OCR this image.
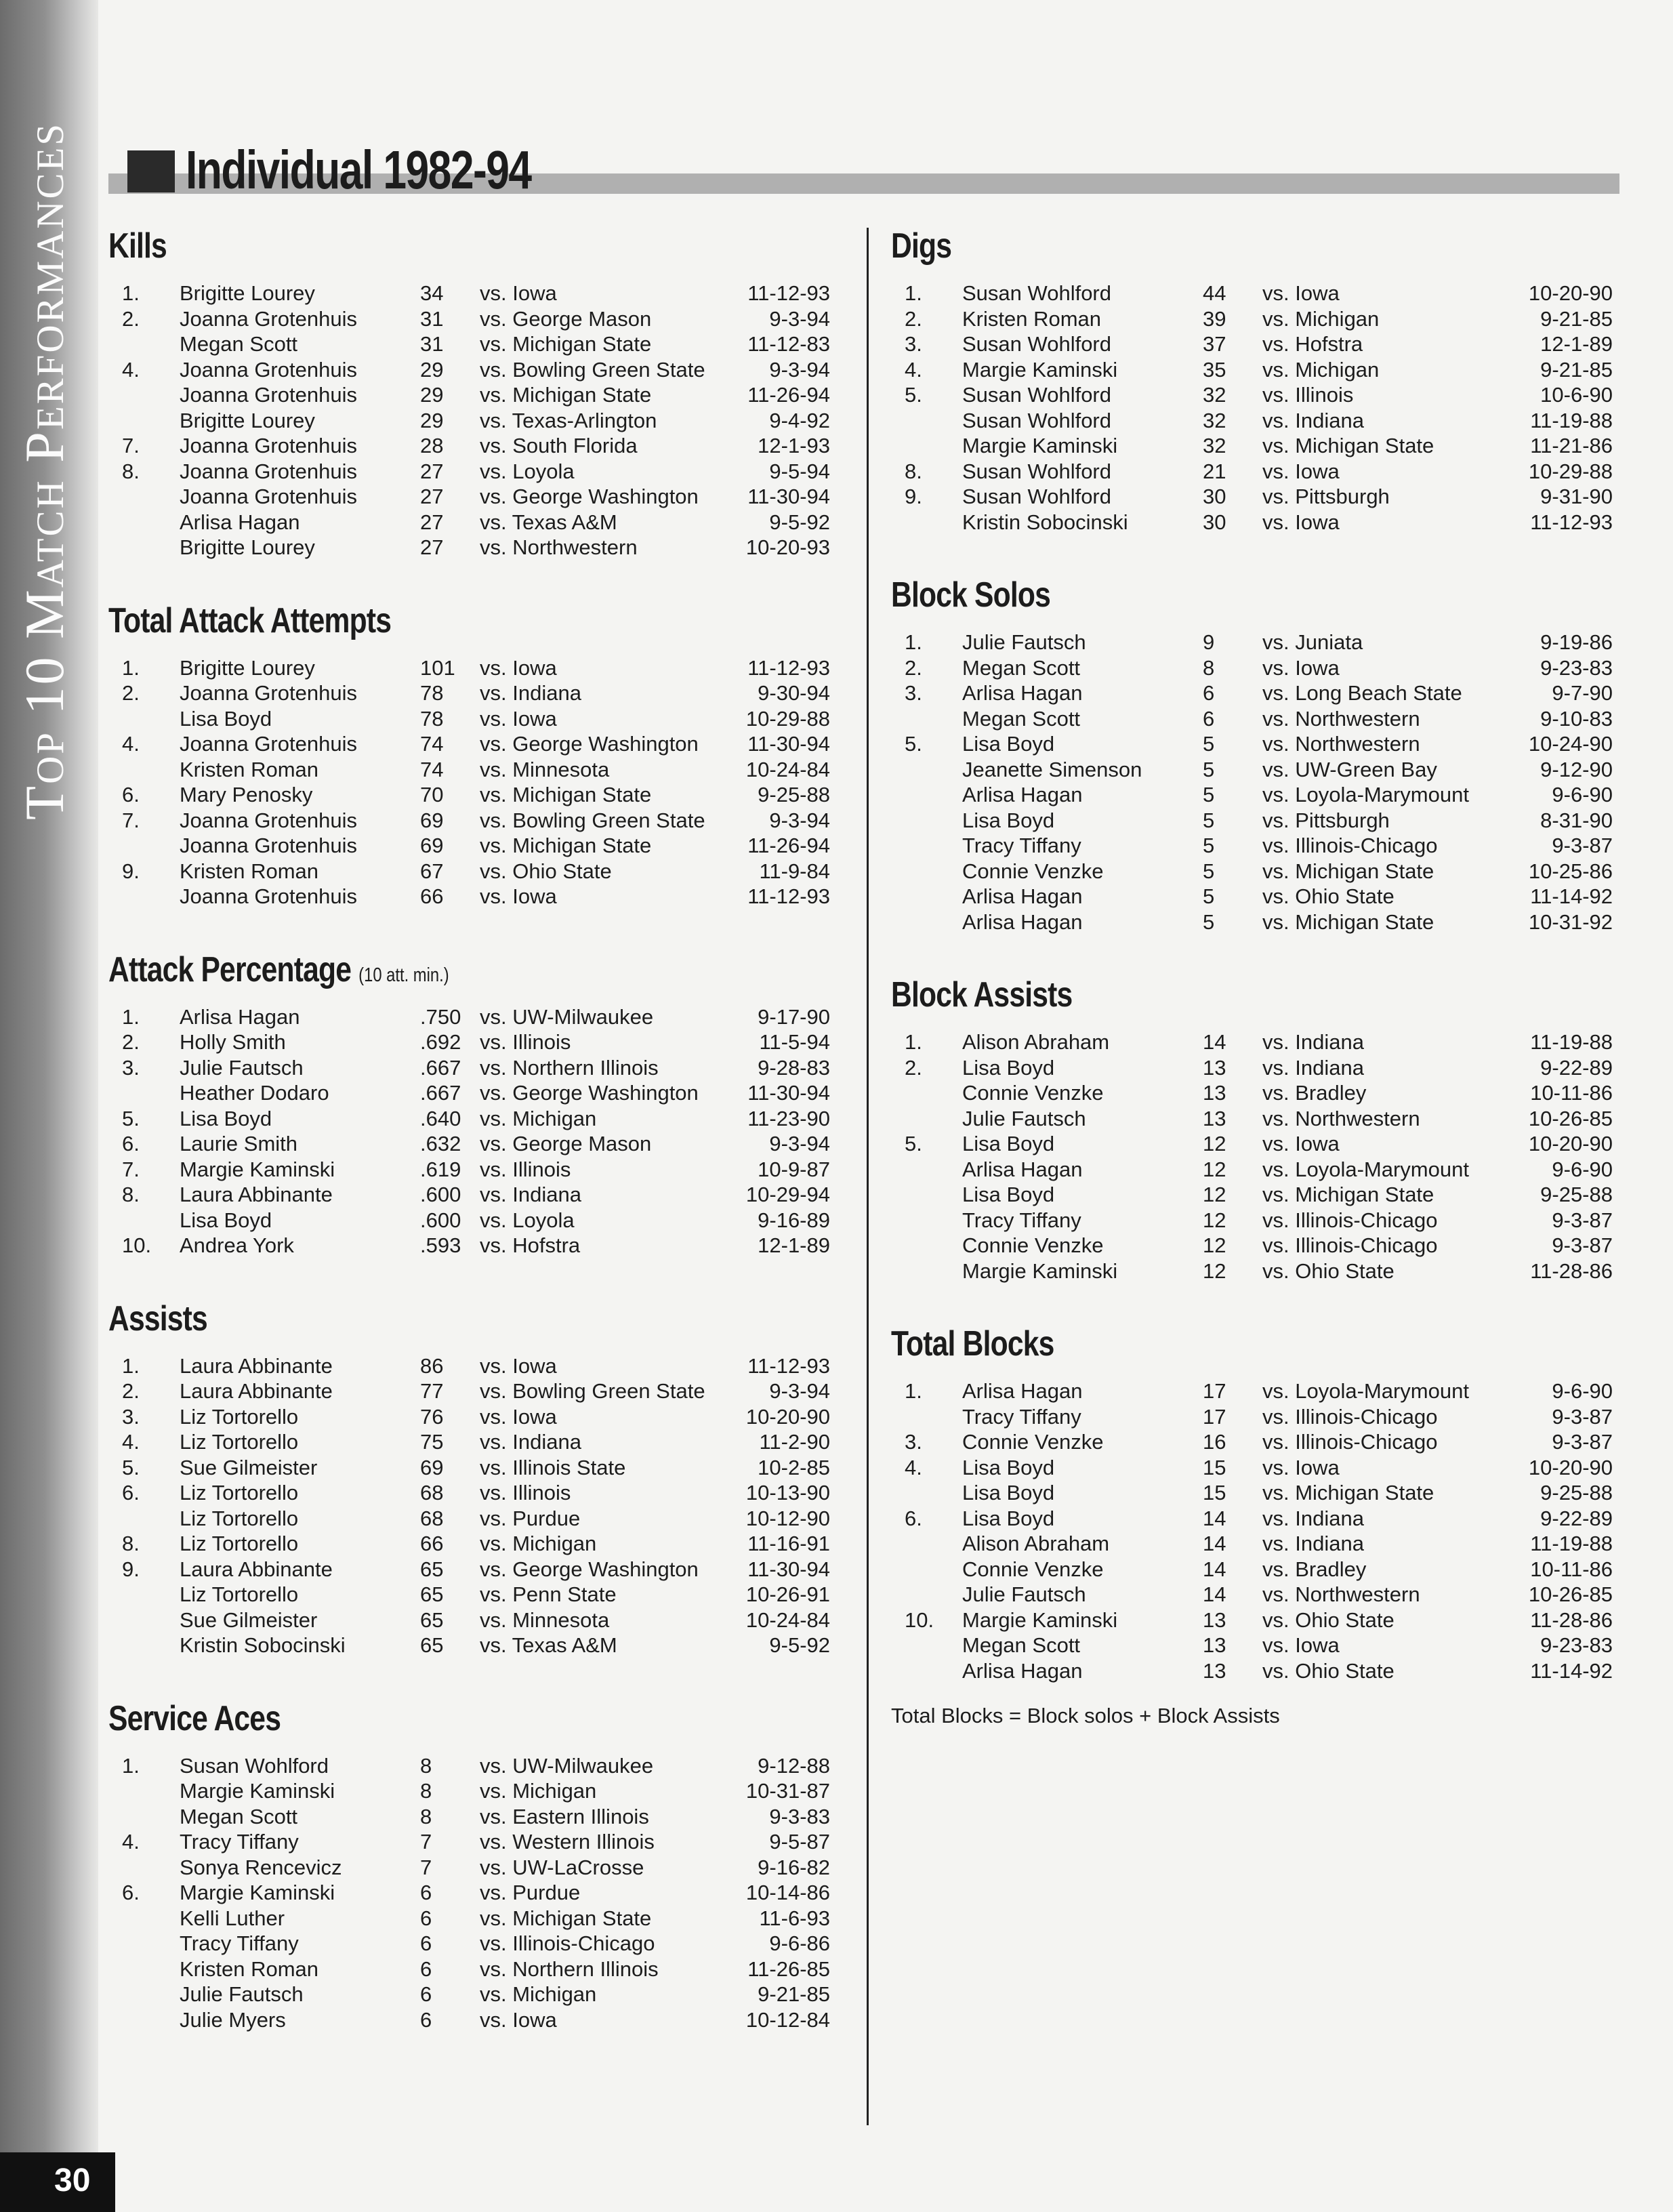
Top 10 Match Performances
30
Individual 1982-94
Kills
1. Brigitte Lourey	34	vs. Iowa	11-12-93
2. Joanna Grotenhuis	31	vs. George Mason	9-3-94
Megan Scott	31	vs. Michigan State	11-12-83
4. Joanna Grotenhuis	29	vs. Bowling Green State	9-3-94
Joanna Grotenhuis	29	vs. Michigan State	11-26-94
Brigitte Lourey	29	vs. Texas-Arlington	9-4-92
7. Joanna Grotenhuis	28	vs. South Florida	12-1-93
8. Joanna Grotenhuis	27	vs. Loyola	9-5-94
Joanna Grotenhuis	27	vs. George Washington 11-30-94
Arlisa Hagan	27	vs. Texas A&M	9-5-92
Brigitte Lourey	27	vs. Northwestern	10-20-93
Total Attack Attempts
1. Brigitte Lourey	101	vs. Iowa	11-12-93
2. Joanna Grotenhuis	78	vs. Indiana	9-30-94
Lisa Boyd	78	vs. Iowa	10-29-88
4. Joanna Grotenhuis	74	vs. George Washington 11-30-94
Kristen Roman	74	vs. Minnesota	10-24-84
6. Mary Penosky	70	vs. Michigan State	9-25-88
7. Joanna Grotenhuis	69	vs. Bowling Green State	9-3-94
Joanna Grotenhuis	69	vs. Michigan State	11-26-94
9. Kristen Roman	67	vs. Ohio State	11-9-84
Joanna Grotenhuis	66	vs. Iowa	11-12-93
Attack Percentage (10 att. min.)
1. Arlisa Hagan	.750 vs. UW-Milwaukee	9-17-90
2. Holly Smith	.692 vs. Illinois	11-5-94
3. Julie Fautsch	.667 vs. Northern Illinois	9-28-83
Heather Dodaro	.667 vs. George Washington 11-30-94
5. Lisa Boyd	.640 vs. Michigan	11-23-90
6. Laurie Smith	.632 vs. George Mason	9-3-94
7. Margie Kaminski	.619 vs. Illinois	10-9-87
8. Laura Abbinante	.600 vs. Indiana	10-29-94
Lisa Boyd	.600 vs. Loyola	9-16-89
10. Andrea York	.593 vs. Hofstra	12-1-89
Assists
1. Laura Abbinante	86	vs. Iowa	11-12-93
2. Laura Abbinante	77	vs. Bowling Green State	9-3-94
3. Liz Tortorello	76	vs. Iowa	10-20-90
4. Liz Tortorello	75	vs. Indiana	11-2-90
5. Sue Gilmeister	69	vs. Illinois State	10-2-85
6. Liz Tortorello	68	vs. Illinois	10-13-90
Liz Tortorello	68	vs. Purdue	10-12-90
8. Liz Tortorello	66	vs. Michigan	11-16-91
9. Laura Abbinante	65	vs. George Washington 11-30-94
Liz Tortorello	65	vs. Penn State	10-26-91
Sue Gilmeister	65	vs. Minnesota	10-24-84
Kristin Sobocinski	65	vs. Texas A&M	9-5-92
Service Aces
1. Susan Wohlford	8	vs. UW-Milwaukee	9-12-88
Margie Kaminski	8	vs. Michigan	10-31-87
Megan Scott	8	vs. Eastern Illinois	9-3-83
4. Tracy Tiffany	7	vs. Western Illinois	9-5-87
Sonya Rencevicz	7	vs. UW-LaCrosse	9-16-82
6. Margie Kaminski	6	vs. Purdue	10-14-86
Kelli Luther	6	vs. Michigan State	11-6-93
Tracy Tiffany	6	vs. Illinois-Chicago	9-6-86
Kristen Roman	6	vs. Northern Illinois	11-26-85
Julie Fautsch	6	vs. Michigan	9-21-85
Julie Myers	6	vs. Iowa	10-12-84
Digs
1. Susan Wohlford	44	vs. Iowa	10-20-90
2. Kristen Roman	39	vs. Michigan	9-21-85
3. Susan Wohlford	37	vs. Hofstra	12-1-89
4. Margie Kaminski	35	vs. Michigan	9-21-85
5. Susan Wohlford	32	vs. Illinois	10-6-90
Susan Wohlford	32	vs. Indiana	11-19-88
Margie Kaminski	32	vs. Michigan State	11-21-86
8. Susan Wohlford	21	vs. Iowa	10-29-88
9. Susan Wohlford	30	vs. Pittsburgh	9-31-90
Kristin Sobocinski	30	vs. Iowa	11-12-93
Block Solos
1. Julie Fautsch	9	vs. Juniata	9-19-86
2. Megan Scott	8	vs. Iowa	9-23-83
3. Arlisa Hagan	6	vs. Long Beach State	9-7-90
Megan Scott	6	vs. Northwestern	9-10-83
5. Lisa Boyd	5	vs. Northwestern	10-24-90
Jeanette Simenson	5	vs. UW-Green Bay	9-12-90
Arlisa Hagan	5	vs. Loyola-Marymount	9-6-90
Lisa Boyd	5	vs. Pittsburgh	8-31-90
Tracy Tiffany	5	vs. Illinois-Chicago	9-3-87
Connie Venzke	5	vs. Michigan State	10-25-86
Arlisa Hagan	5	vs. Ohio State	11-14-92
Arlisa Hagan	5	vs. Michigan State	10-31-92
Block Assists
1. Alison Abraham	14	vs. Indiana	11-19-88
2. Lisa Boyd	13	vs. Indiana	9-22-89
Connie Venzke	13	vs. Bradley	10-11-86
Julie Fautsch	13	vs. Northwestern	10-26-85
5. Lisa Boyd	12	vs. Iowa	10-20-90
Arlisa Hagan	12	vs. Loyola-Marymount	9-6-90
Lisa Boyd	12	vs. Michigan State	9-25-88
Tracy Tiffany	12	vs. Illinois-Chicago	9-3-87
Connie Venzke	12	vs. Illinois-Chicago	9-3-87
Margie Kaminski	12	vs. Ohio State	11-28-86
Total Blocks
1. Arlisa Hagan	17	vs. Loyola-Marymount	9-6-90
Tracy Tiffany	17	vs. Illinois-Chicago	9-3-87
3. Connie Venzke	16	vs. Illinois-Chicago	9-3-87
4. Lisa Boyd	15	vs. Iowa	10-20-90
Lisa Boyd	15	vs. Michigan State	9-25-88
6. Lisa Boyd	14	vs. Indiana	9-22-89
Alison Abraham	14	vs. Indiana	11-19-88
Connie Venzke	14	vs. Bradley	10-11-86
Julie Fautsch	14	vs. Northwestern	10-26-85
10. Margie Kaminski	13	vs. Ohio State	11-28-86
Megan Scott	13	vs. Iowa	9-23-83
Arlisa Hagan	13	vs. Ohio State	11-14-92
Total Blocks = Block solos + Block Assists
